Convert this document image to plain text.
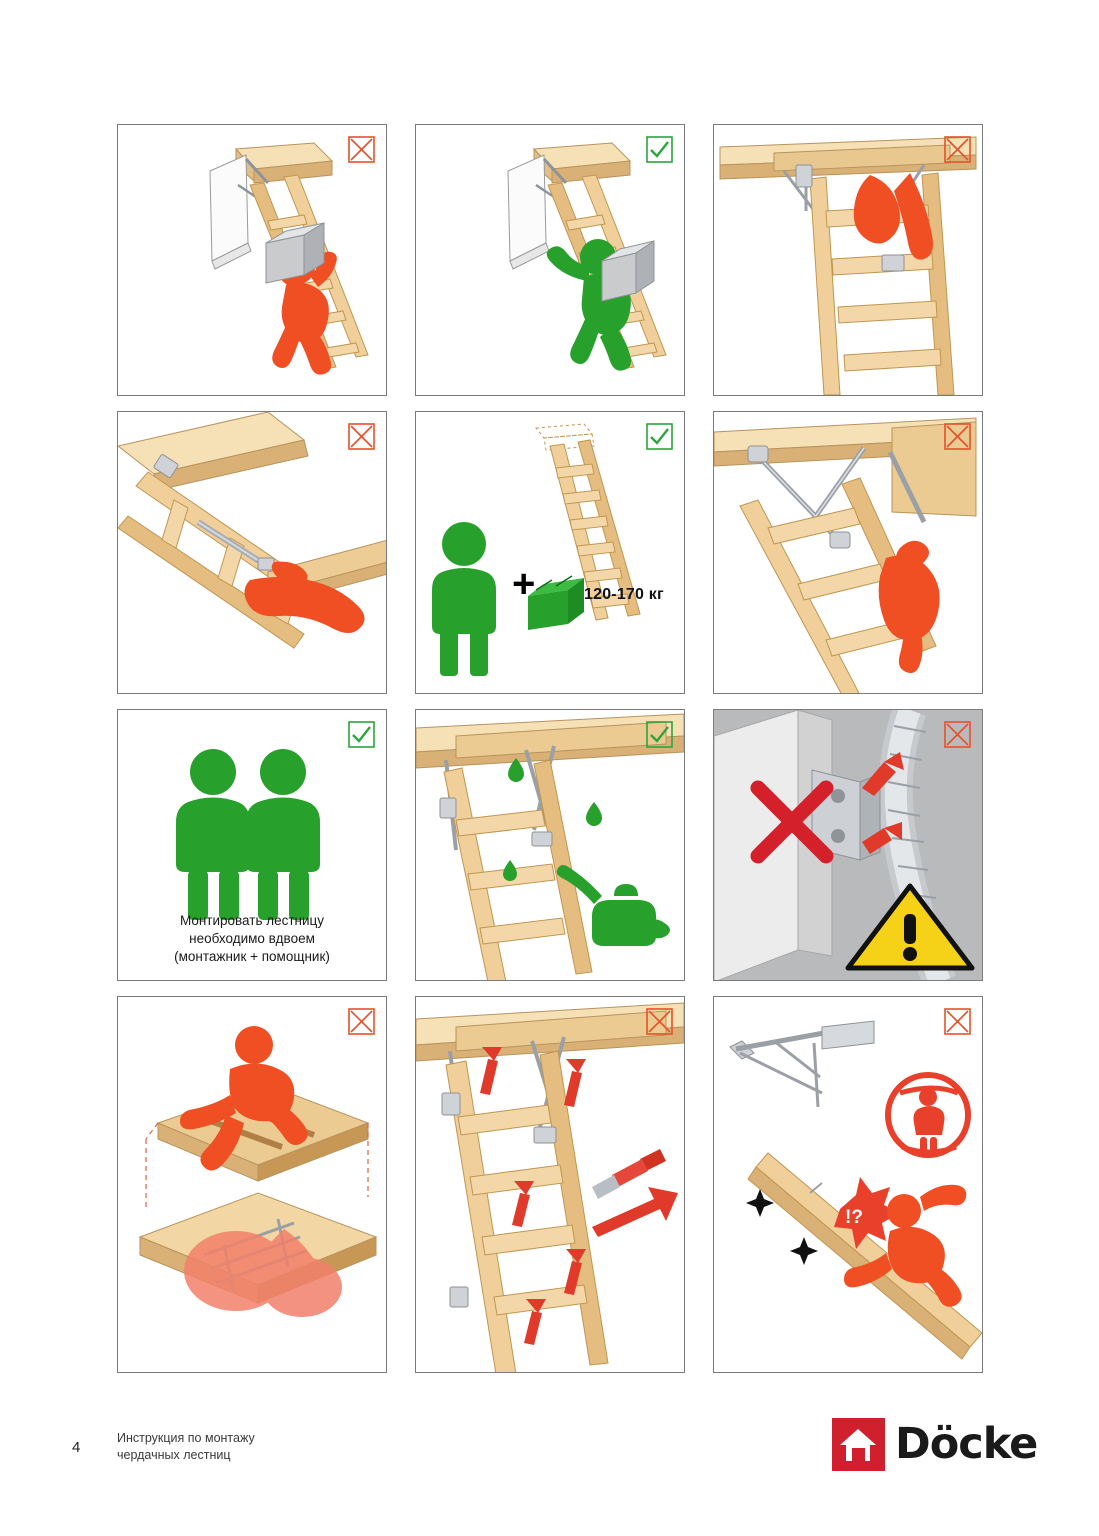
+	120-170 кг
Монтировать лестницу
необходимо вдвоем
(монтажник + помощник)
!?
4
Инструкция по монтажу
чердачных лестниц	Döcke
